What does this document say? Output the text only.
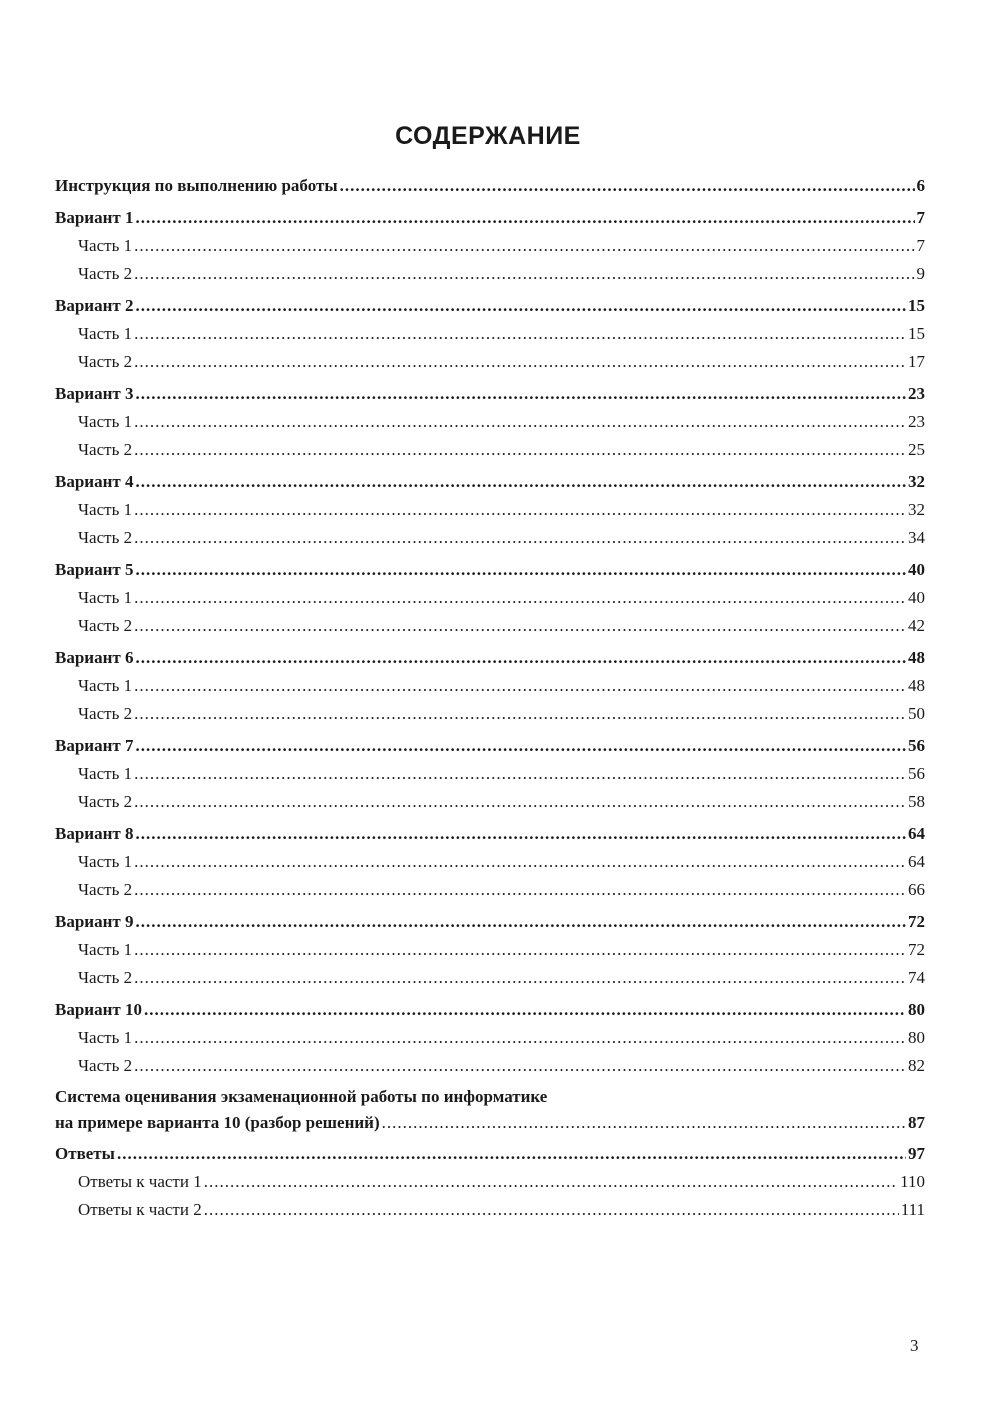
СОДЕРЖАНИЕ
Инструкция по выполнению работы .....	6
Вариант 1 .....	7
Часть 1 .....	7
Часть 2 .....	9
Вариант 2 .....	15
Часть 1 .....	15
Часть 2 .....	17
Вариант 3 .....	23
Часть 1 .....	23
Часть 2 .....	25
Вариант 4 .....	32
Часть 1 .....	32
Часть 2 .....	34
Вариант 5 .....	40
Часть 1 .....	40
Часть 2 .....	42
Вариант 6 .....	48
Часть 1 .....	48
Часть 2 .....	50
Вариант 7 .....	56
Часть 1 .....	56
Часть 2 .....	58
Вариант 8 .....	64
Часть 1 .....	64
Часть 2 .....	66
Вариант 9 .....	72
Часть 1 .....	72
Часть 2 .....	74
Вариант 10 .....	80
Часть 1 .....	80
Часть 2 .....	82
Система оценивания экзаменационной работы по информатике
на примере варианта 10 (разбор решений) .....	87
Ответы .....	97
Ответы к части 1 .....	110
Ответы к части 2 .....	111
3
